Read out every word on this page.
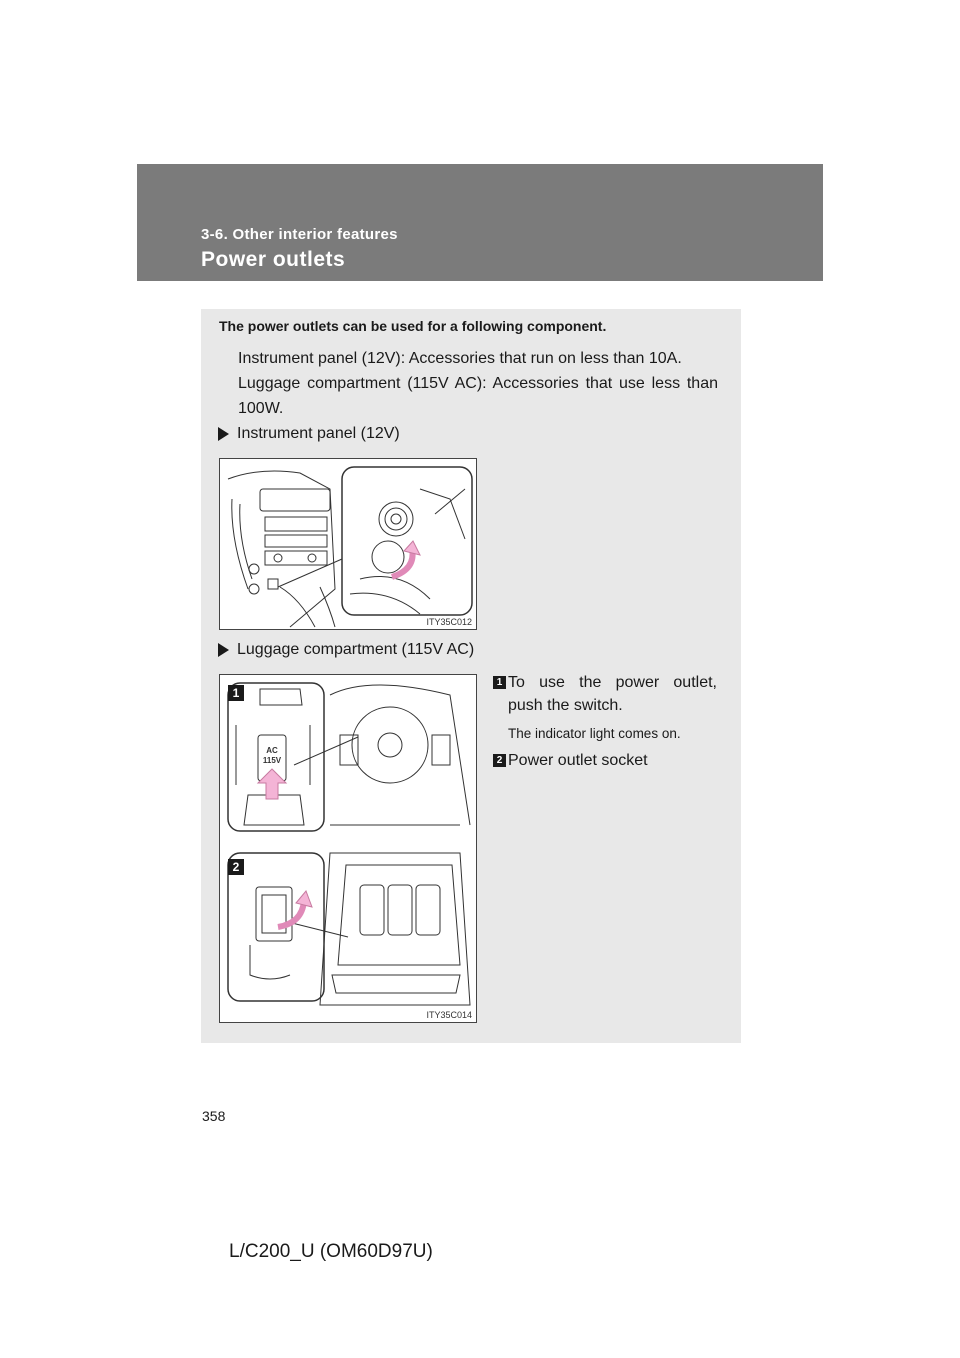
3-6. Other interior features
Power outlets
The power outlets can be used for a following component.
Instrument panel (12V): Accessories that run on less than 10A.
Luggage compartment (115V AC): Accessories that use less than 100W.
Instrument panel (12V)
ITY35C012
Luggage compartment (115V AC)
AC
115V
1
2
ITY35C014
1 To use the power outlet, push the switch.
The indicator light comes on.
2 Power outlet socket
358
L/C200_U (OM60D97U)
